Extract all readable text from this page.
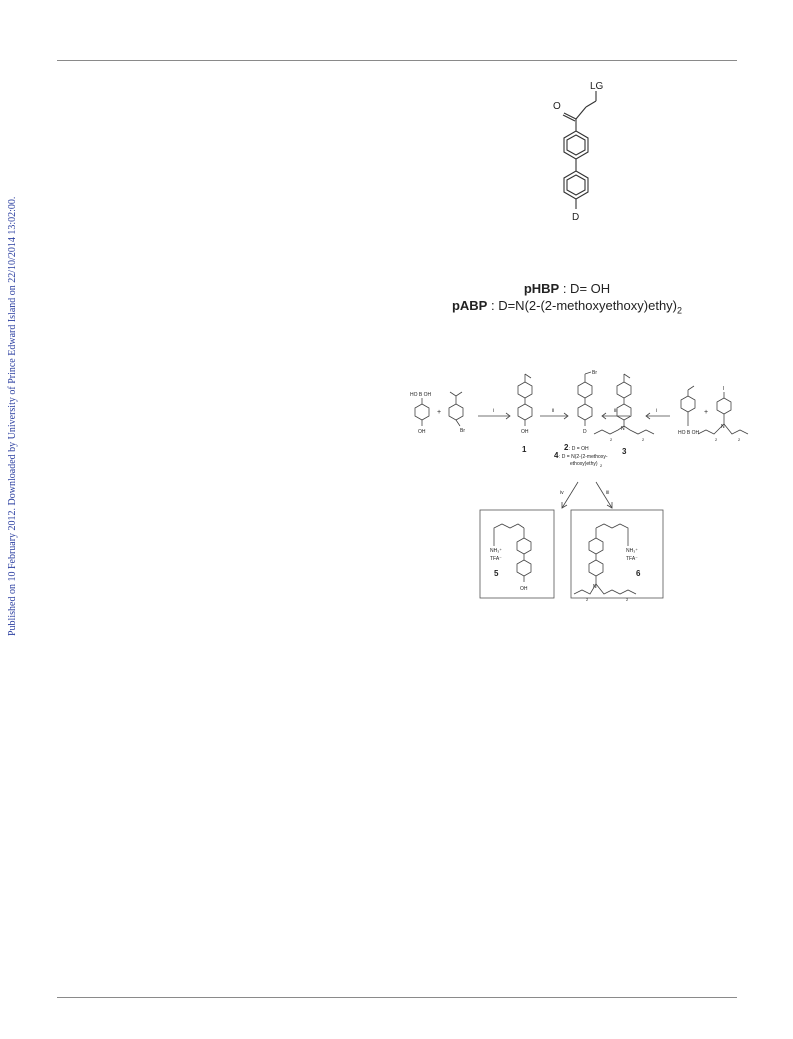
Published on 10 February 2012. Downloaded by University of Prince Edward Island on 22/10/2014 13:02:00.
LG
O
D
pHBP : D= OH
pABP : $D=N(2-(2-methoxyethoxy)ethy)_2$
HO B OH
+
Br
OH
i
OH
ii
Br
D
iii
1	2 : D = OH
4 : D = N(2-(2-methoxy-
ethoxy)ethy) 2
3
N
2	2
i	+
HO B OH
I
N
2	2
iv	iii
NH₃⁺
TFA⁻
5
OH
NH₃⁺
TFA⁻
6
N
2	2
